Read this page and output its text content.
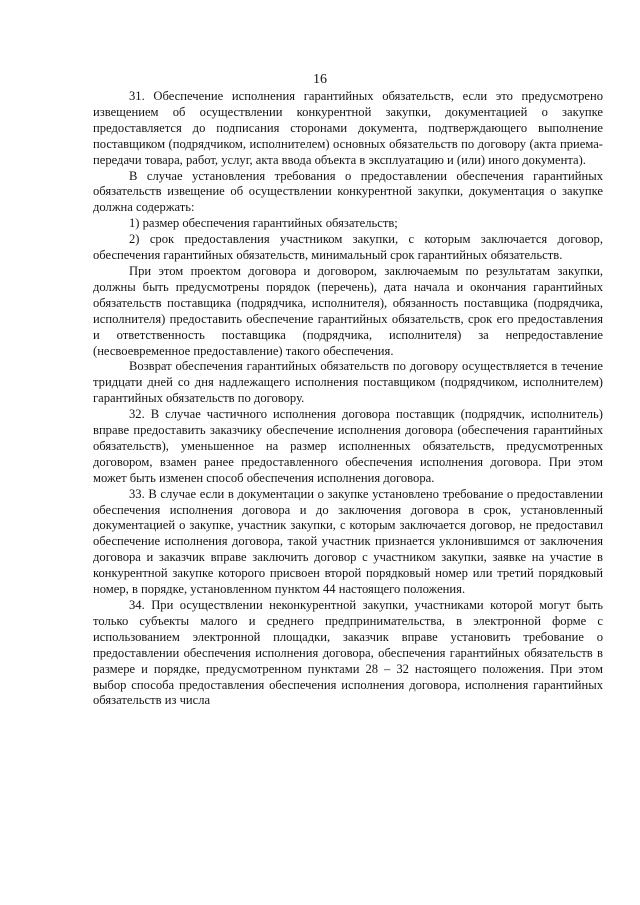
16

31. Обеспечение исполнения гарантийных обязательств, если это предусмотрено извещением об осуществлении конкурентной закупки, документацией о закупке предоставляется до подписания сторонами документа, подтверждающего выполнение поставщиком (подрядчиком, исполнителем) основных обязательств по договору (акта приема-передачи товара, работ, услуг, акта ввода объекта в эксплуатацию и (или) иного документа).

В случае установления требования о предоставлении обеспечения гарантийных обязательств извещение об осуществлении конкурентной закупки, документация о закупке должна содержать:

1) размер обеспечения гарантийных обязательств;

2) срок предоставления участником закупки, с которым заключается договор, обеспечения гарантийных обязательств, минимальный срок гарантийных обязательств.

При этом проектом договора и договором, заключаемым по результатам закупки, должны быть предусмотрены порядок (перечень), дата начала и окончания гарантийных обязательств поставщика (подрядчика, исполнителя), обязанность поставщика (подрядчика, исполнителя) предоставить обеспечение гарантийных обязательств, срок его предоставления и ответственность поставщика (подрядчика, исполнителя) за непредоставление (несвоевременное предоставление) такого обеспечения.

Возврат обеспечения гарантийных обязательств по договору осуществляется в течение тридцати дней со дня надлежащего исполнения поставщиком (подрядчиком, исполнителем) гарантийных обязательств по договору.

32. В случае частичного исполнения договора поставщик (подрядчик, исполнитель) вправе предоставить заказчику обеспечение исполнения договора (обеспечения гарантийных обязательств), уменьшенное на размер исполненных обязательств, предусмотренных договором, взамен ранее предоставленного обеспечения исполнения договора. При этом может быть изменен способ обеспечения исполнения договора.

33. В случае если в документации о закупке установлено требование о предоставлении обеспечения исполнения договора и до заключения договора в срок, установленный документацией о закупке, участник закупки, с которым заключается договор, не предоставил обеспечение исполнения договора, такой участник признается уклонившимся от заключения договора и заказчик вправе заключить договор с участником закупки, заявке на участие в конкурентной закупке которого присвоен второй порядковый номер или третий порядковый номер, в порядке, установленном пунктом 44 настоящего положения.

34. При осуществлении неконкурентной закупки, участниками которой могут быть только субъекты малого и среднего предпринимательства, в электронной форме с использованием электронной площадки, заказчик вправе установить требование о предоставлении обеспечения исполнения договора, обеспечения гарантийных обязательств в размере и порядке, предусмотренном пунктами 28 – 32 настоящего положения. При этом выбор способа предоставления обеспечения исполнения договора, исполнения гарантийных обязательств из числа
